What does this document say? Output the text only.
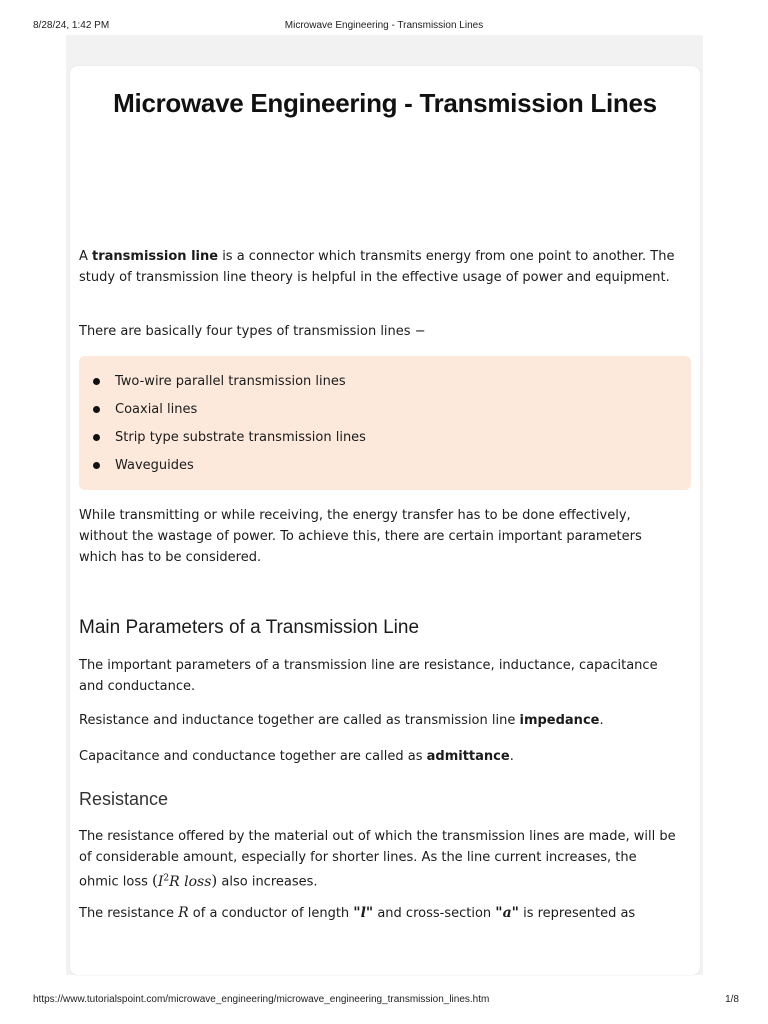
8/28/24, 1:42 PM	Microwave Engineering - Transmission Lines
Microwave Engineering - Transmission Lines

A transmission line is a connector which transmits energy from one point to another. The study of transmission line theory is helpful in the effective usage of power and equipment.

There are basically four types of transmission lines −

Two-wire parallel transmission lines
Coaxial lines
Strip type substrate transmission lines
Waveguides

While transmitting or while receiving, the energy transfer has to be done effectively, without the wastage of power. To achieve this, there are certain important parameters which has to be considered.

Main Parameters of a Transmission Line

The important parameters of a transmission line are resistance, inductance, capacitance and conductance.

Resistance and inductance together are called as transmission line impedance.

Capacitance and conductance together are called as admittance.

Resistance

The resistance offered by the material out of which the transmission lines are made, will be of considerable amount, especially for shorter lines. As the line current increases, the ohmic loss ($I^2R$ loss) also increases.

The resistance R of a conductor of length "l" and cross-section "a" is represented as

https://www.tutorialspoint.com/microwave_engineering/microwave_engineering_transmission_lines.htm	1/8
